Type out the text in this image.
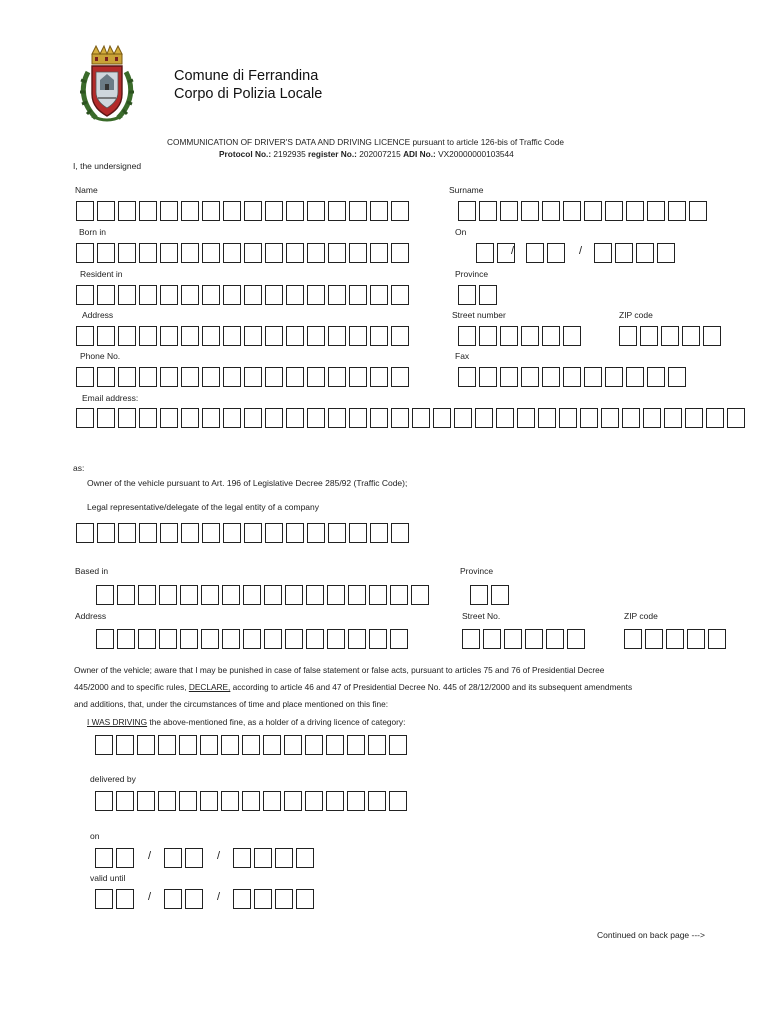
Comune di Ferrandina
Corpo di Polizia Locale
COMMUNICATION OF DRIVER'S DATA AND DRIVING LICENCE pursuant to article 126-bis of Traffic Code
Protocol No.: 2192935 register No.: 202007215 ADI No.: VX20000000103544
I, the undersigned
Name	Surname
Born in	On
/	/
Resident in	Province
Address	Street number	ZIP code
Phone No.	Fax
Email address:
as:
Owner of the vehicle pursuant to Art. 196 of Legislative Decree 285/92 (Traffic Code);
Legal representative/delegate of the legal entity of a company
Based in	Province
Address	Street No.	ZIP code
Owner of the vehicle; aware that I may be punished in case of false statement or false acts, pursuant to articles 75 and 76 of Presidential Decree
445/2000 and to specific rules, DECLARE, according to article 46 and 47 of Presidential Decree No. 445 of 28/12/2000 and its subsequent amendments
and additions, that, under the circumstances of time and place mentioned on this fine:
I WAS DRIVING the above-mentioned fine, as a holder of a driving licence of category:
delivered by
on
/	/
valid until
/	/
Continued on back page --->
